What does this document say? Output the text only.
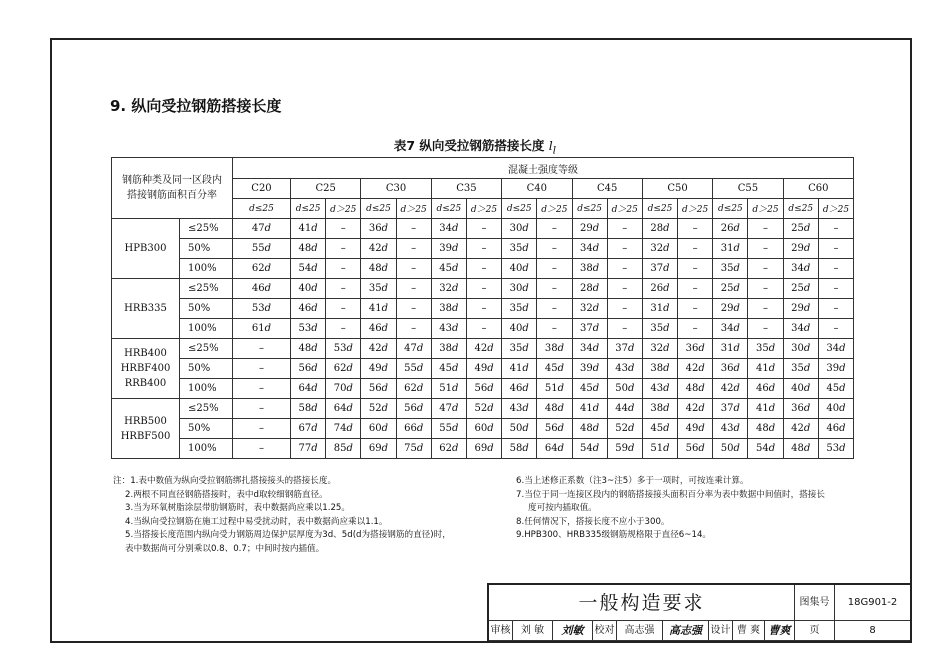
9. 纵向受拉钢筋搭接长度
表7 纵向受拉钢筋搭接长度 $l_l$
钢筋种类及同一区段内搭接钢筋面积百分率		混凝土强度等级																
		C20	C25		C30		C35		C40		C45		C50		C55		C60	
		d≤25	d≤25	d＞25	d≤25	d＞25	d≤25	d＞25	d≤25	d＞25	d≤25	d＞25	d≤25	d＞25	d≤25	d＞25	d≤25	d＞25

HPB300	≤25%	47d	41d	–	36d	–	34d	–	30d	–	29d	–	28d	–	26d	–	25d	–
	50%	55d	48d	–	42d	–	39d	–	35d	–	34d	–	32d	–	31d	–	29d	–
	100%	62d	54d	–	48d	–	45d	–	40d	–	38d	–	37d	–	35d	–	34d	–

HRB335	≤25%	46d	40d	–	35d	–	32d	–	30d	–	28d	–	26d	–	25d	–	25d	–
	50%	53d	46d	–	41d	–	38d	–	35d	–	32d	–	31d	–	29d	–	29d	–
	100%	61d	53d	–	46d	–	43d	–	40d	–	37d	–	35d	–	34d	–	34d	–

HRB400
HRBF400
RRB400	≤25%	–	48d	53d	42d	47d	38d	42d	35d	38d	34d	37d	32d	36d	31d	35d	30d	34d
	50%	–	56d	62d	49d	55d	45d	49d	41d	45d	39d	43d	38d	42d	36d	41d	35d	39d
	100%	–	64d	70d	56d	62d	51d	56d	46d	51d	45d	50d	43d	48d	42d	46d	40d	45d

HRB500
HRBF500	≤25%	–	58d	64d	52d	56d	47d	52d	43d	48d	41d	44d	38d	42d	37d	41d	36d	40d
	50%	–	67d	74d	60d	66d	55d	60d	50d	56d	48d	52d	45d	49d	43d	48d	42d	46d
	100%	–	77d	85d	69d	75d	62d	69d	58d	64d	54d	59d	51d	56d	50d	54d	48d	53d
注：1.表中数值为纵向受拉钢筋绑扎搭接接头的搭接长度。
2.两根不同直径钢筋搭接时，表中d取较细钢筋直径。
3.当为环氧树脂涂层带肋钢筋时，表中数据尚应乘以1.25。
4.当纵向受拉钢筋在施工过程中易受扰动时，表中数据尚应乘以1.1。
5.当搭接长度范围内纵向受力钢筋周边保护层厚度为3d、5d(d为搭接钢筋的直径)时，
表中数据尚可分别乘以0.8、0.7；中间时按内插值。
6.当上述修正系数（注3~注5）多于一项时，可按连乘计算。
7.当位于同一连接区段内的钢筋搭接接头面积百分率为表中数据中间值时，搭接长
度可按内插取值。
8.任何情况下，搭接长度不应小于300。
9.HPB300、HRB335级钢筋规格限于直径6~14。
一般构造要求	图集号	18G901-2
审核	刘 敏	刘敏	校对	高志强	高志强 设计 曹 爽 曹爽	页	8
